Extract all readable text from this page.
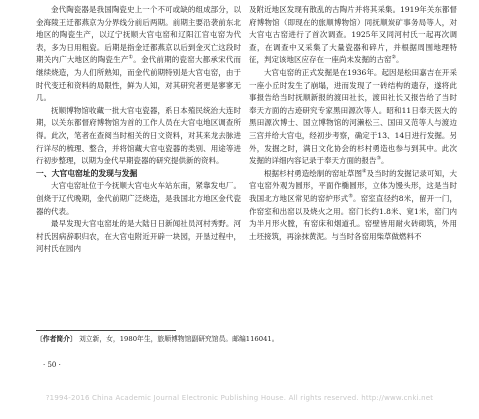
金代陶瓷器是我国陶瓷史上一个不可或缺的组成部分，以金海陵王迁都燕京为分界线分前后两期。前期主要沿袭前东北地区的陶瓷生产，以辽宁抚顺大官屯窑和辽阳江官屯窑为代表，多为日用粗瓷。后期是指金迁都燕京以后到金灭亡这段时期关内广大地区的陶瓷生产①。金代前期的瓷窑大都承宋代而继续烧造，为人们所熟知，而金代前期特别是大官屯窑，由于时代变迁和资料的局限性，鲜为人知，对其研究者更是寥寥无几。

抚顺博物馆收藏一批大官屯瓷器，系日本殖民统治大连时期，以关东都督府博物馆为首的工作人员在大官屯地区调查所得。此次，笔者在查阅当时相关的日文资料，对其来龙去脉进行详尽的梳理、整合，并将馆藏大官屯瓷器的类别、用途等进行初步整理，以期为金代早期瓷器的研究提供新的资料。

一、大官屯窑址的发现与发掘

大官屯窑址位于今抚顺大官屯火车站东南，紧靠发电厂。创烧于辽代晚期，金代前期广泛烧造，是我国北方地区金代瓷器的代表。

最早发现大官屯窑址的是大陆日日新闻社员河村秀野。河村氏因病辞职归农，在大官屯附近开辟一块园，开垦过程中，河村氏在园内

及附近地区发现有散乱的古陶片并将其采集。1919年关东都督府博物馆（即现在的旅顺博物馆）同抚顺炭矿事务局等人，对大官屯古窑进行了首次调查。1925年又同河村氏一起再次调查，在调查中又采集了大量瓷器和碎片，并根据周围地理特征，判定该地区应存在一座尚未发掘的古窑②。

大官屯窑的正式发掘是在1936年。起因是松田嘉吉在开采一座小丘时发生了崩塌，进而发现了一砖结构的遗存，遂将此事报告给当时抚顺新报的渡田社长，渡田社长又报告给了当时奉天方面的古迹研究专家黑田源次等人。昭和11日奉天医大的黑田源次博士、国立博物馆的河濑松三、国田又范等人与渡边三宫并给大官屯，经初步考察，确定于13、14日进行发掘。另外，发掘之时，满日文化协会的杉村勇造也参与到其中。此次发掘的详细内容记录于奉天方面的报告③。

根据杉村勇造绘制的窑址草图④及当时的发掘记录可知，大官屯窑外观为圆形，平面作椭圆形，立体为馒头形，这是当时我国北方地区常见的窑炉形式⑤。窑室直径约8米，留开一门，作窑室和出窑以及烧火之用。窑门长约1.8米、宽1米，窑门内为半月形火膛，有窑床和烟道孔。窑壁皆用耐火砖砌筑，外用土坯接筑，再涂抹黄泥。与当时各窑用柴草做燃料不

〔作者简介〕 刘立新，女，1980年生，旅顺博物馆副研究馆员。邮编116041。
· 50 ·
?1994-2016 China Academic Journal Electronic Publishing House. All rights reserved. http://www.cnki.net
